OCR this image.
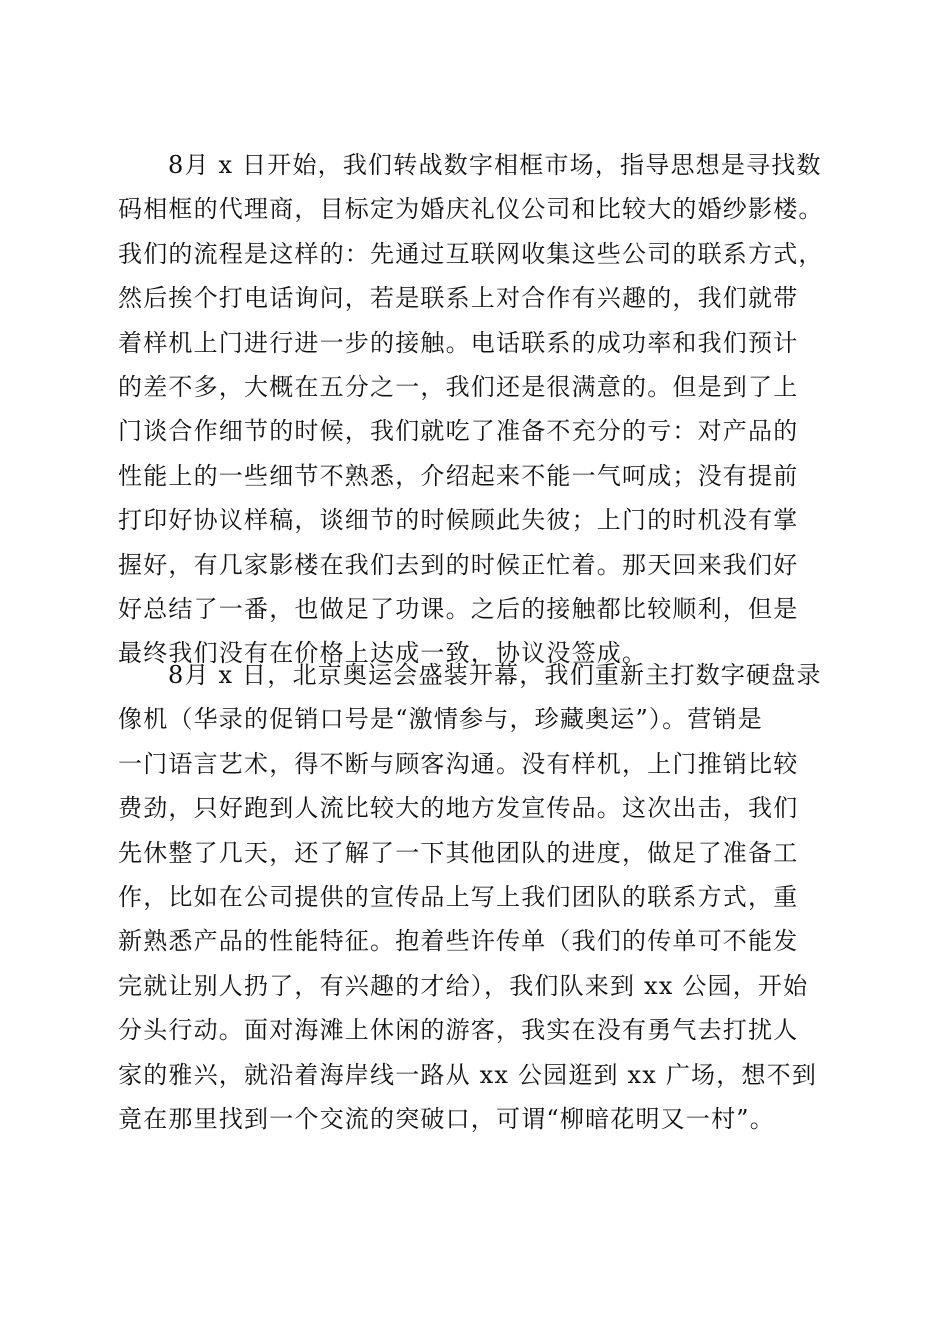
8月 x 日开始，我们转战数字相框市场，指导思想是寻找数
码相框的代理商，目标定为婚庆礼仪公司和比较大的婚纱影楼。
我们的流程是这样的：先通过互联网收集这些公司的联系方式，
然后挨个打电话询问，若是联系上对合作有兴趣的，我们就带
着样机上门进行进一步的接触。电话联系的成功率和我们预计
的差不多，大概在五分之一，我们还是很满意的。但是到了上
门谈合作细节的时候，我们就吃了准备不充分的亏：对产品的
性能上的一些细节不熟悉，介绍起来不能一气呵成；没有提前
打印好协议样稿，谈细节的时候顾此失彼；上门的时机没有掌
握好，有几家影楼在我们去到的时候正忙着。那天回来我们好
好总结了一番，也做足了功课。之后的接触都比较顺利，但是
最终我们没有在价格上达成一致，协议没签成。
8月 x 日，北京奥运会盛装开幕，我们重新主打数字硬盘录
像机（华录的促销口号是“激情参与，珍藏奥运”）。营销是
一门语言艺术，得不断与顾客沟通。没有样机，上门推销比较
费劲，只好跑到人流比较大的地方发宣传品。这次出击，我们
先休整了几天，还了解了一下其他团队的进度，做足了准备工
作，比如在公司提供的宣传品上写上我们团队的联系方式，重
新熟悉产品的性能特征。抱着些许传单（我们的传单可不能发
完就让别人扔了，有兴趣的才给），我们队来到 xx 公园，开始
分头行动。面对海滩上休闲的游客，我实在没有勇气去打扰人
家的雅兴，就沿着海岸线一路从 xx 公园逛到 xx 广场，想不到
竟在那里找到一个交流的突破口，可谓“柳暗花明又一村”。
